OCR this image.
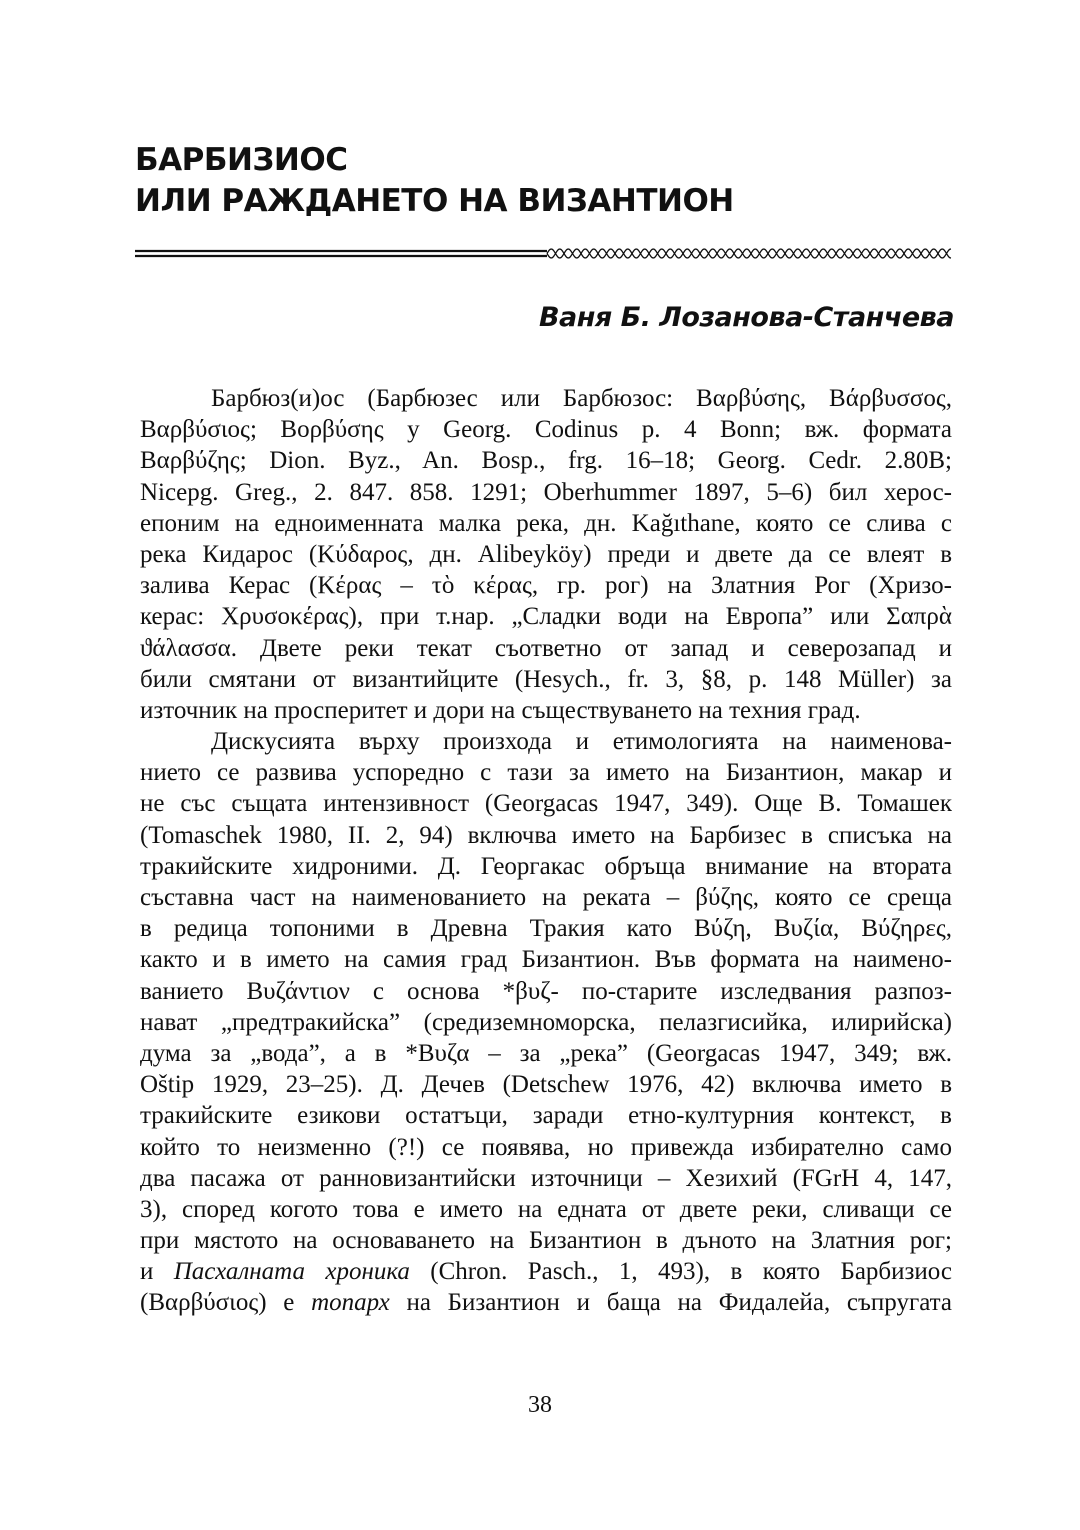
БАРБИЗИОС
ИЛИ РАЖДАНЕТО НА ВИЗАНТИОН

Ваня Б. Лозанова-Станчева

Барбюз(и)ос (Барбюзес или Барбюзос: Βαρβύσης, Βάρβυσσος,
Βαρβύσιος; Βορβύσης y Georg. Codinus p. 4 Bonn; вж. формата
Βαρβύζης; Dion. Byz., An. Bosp., frg. 16–18; Georg. Cedr. 2.80B;
Nicepg. Greg., 2. 847. 858. 1291; Oberhummer 1897, 5–6) бил херос-
епоним на едноименната малка река, дн. Kağıthane, която се слива с
река Кидарос (Κύδαρος, дн. Alibeyköy) преди и двете да се влеят в
залива Керас (Κέρας – τὸ κέρας, гр. рог) на Златния Рог (Хризо-
керас: Χρυσοκέρας), при т.нар. „Сладки води на Европа” или Σαπρὰ
ϑάλασσα. Двете реки текат съответно от запад и северозапад и
били смятани от византийците (Hesych., fr. 3, §8, p. 148 Müller) за
източник на просперитет и дори на съществуването на техния град.
Дискусията върху произхода и етимологията на наименова-
нието се развива успоредно с тази за името на Бизантион, макар и
не със същата интензивност (Georgacas 1947, 349). Още В. Томашек
(Tomaschek 1980, II. 2, 94) включва името на Барбизес в списъка на
тракийските хидроними. Д. Георгакас обръща внимание на втората
съставна част на наименованието на реката – βύζης, която се среща
в редица топоними в Древна Тракия като Βύζη, Βυζία, Βύζηρες,
както и в името на самия град Бизантион. Във формата на наимено-
ванието Βυζάντιον с основа *βυζ- по-старите изследвания разпоз-
нават „предтракийска” (средиземноморска, пелазгисийка, илирийска)
дума за „вода”, а в *Βυζα – за „река” (Georgacas 1947, 349; вж.
Oštip 1929, 23–25). Д. Дечев (Detschew 1976, 42) включва името в
тракийските езикови остатъци, заради етно-културния контекст, в
който то неизменно (?!) се появява, но привежда избирателно само
два пасажа от ранновизантийски източници – Хезихий (FGrH 4, 147,
3), според когото това е името на едната от двете реки, сливащи се
при мястото на основаването на Бизантион в дъното на Златния рог;
и Пасхалната хроника (Chron. Pasch., 1, 493), в която Барбизиос
(Βαρβύσιος) е топарх на Бизантион и баща на Фидалейа, съпругата
38
